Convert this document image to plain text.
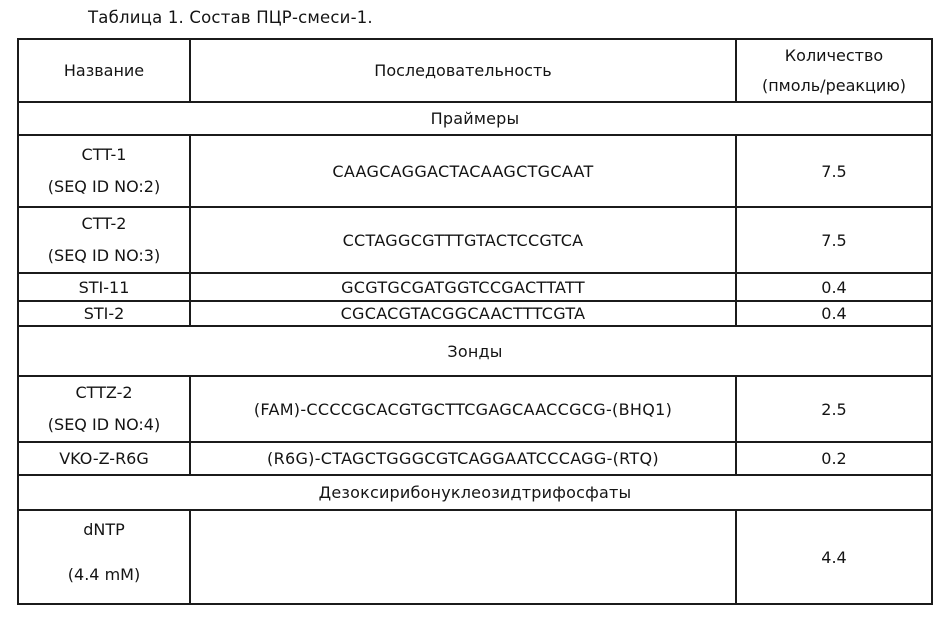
Таблица 1. Состав ПЦР-смеси-1.
Название	Последовательность	Количество
(пмоль/реакцию)

Праймеры		

CTT-1
(SEQ ID NO:2)	CAAGCAGGACTACAAGCTGCAAT	7.5

CTT-2
(SEQ ID NO:3)	CCTAGGCGTTTGTACTCCGTCA	7.5
STI-11	GCGTGCGATGGTCCGACTTATT	0.4
STI-2	CGCACGTACGGCAACTTTCGTA	0.4
Зонды		

CTTZ-2
(SEQ ID NO:4)	(FAM)-CCCCGCACGTGCTTCGAGCAACCGCG-(BHQ1)	2.5
VKO-Z-R6G	(R6G)-CTAGCTGGGCGTCAGGAATCCCAGG-(RTQ)	0.2
Дезоксирибонуклеозидтрифосфаты		

dNTP
(4.4 mM)		4.4
